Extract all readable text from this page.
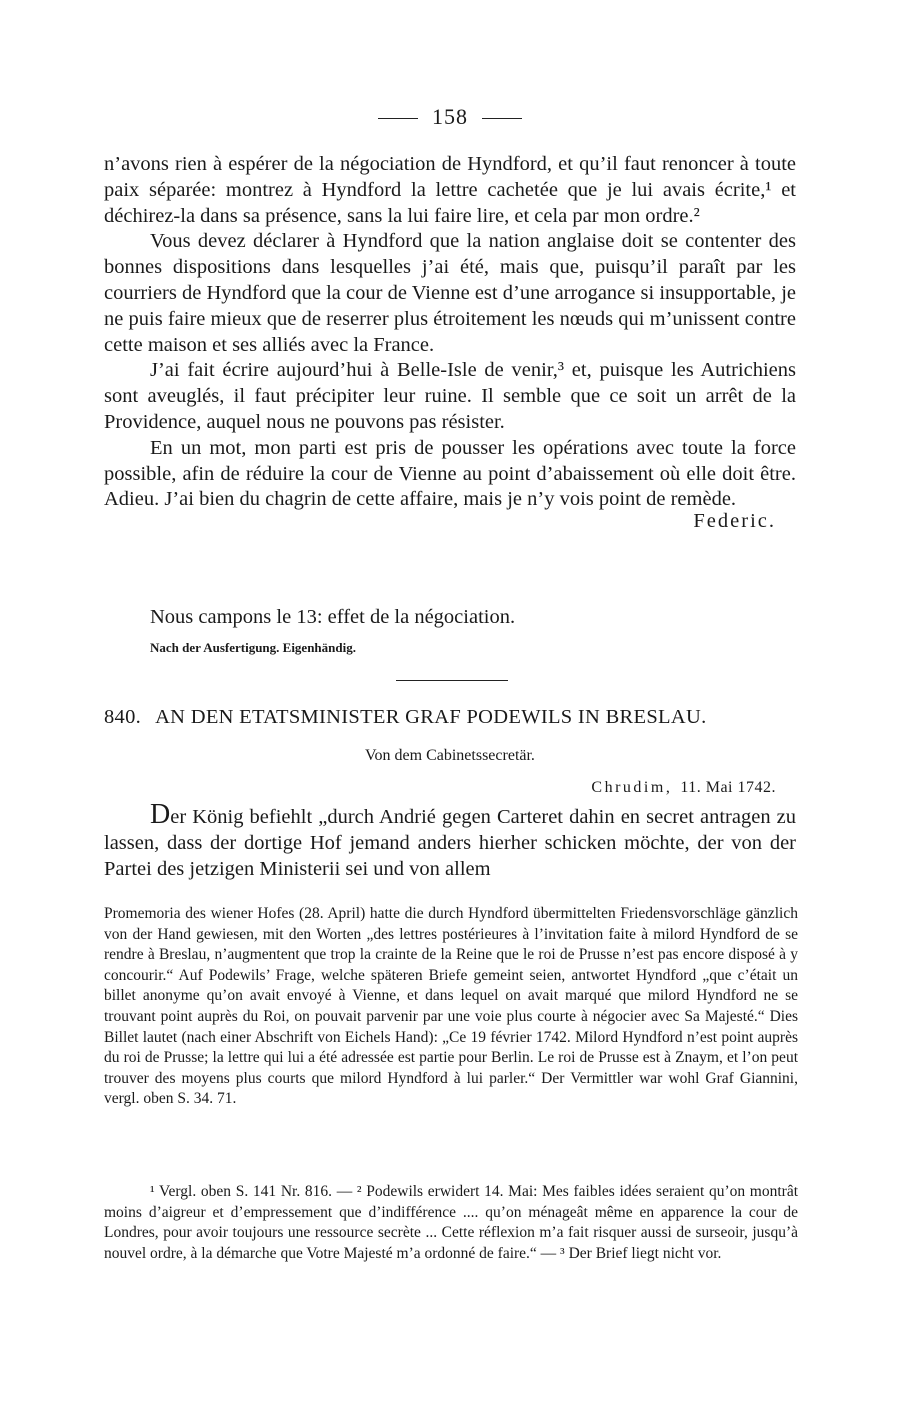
158

n’avons rien à espérer de la négociation de Hyndford, et qu’il faut renoncer à toute paix séparée: montrez à Hyndford la lettre cachetée que je lui avais écrite,¹ et déchirez-la dans sa présence, sans la lui faire lire, et cela par mon ordre.²

Vous devez déclarer à Hyndford que la nation anglaise doit se contenter des bonnes dispositions dans lesquelles j’ai été, mais que, puisqu’il paraît par les courriers de Hyndford que la cour de Vienne est d’une arrogance si insupportable, je ne puis faire mieux que de reserrer plus étroitement les nœuds qui m’unissent contre cette maison et ses alliés avec la France.

J’ai fait écrire aujourd’hui à Belle-Isle de venir,³ et, puisque les Autrichiens sont aveuglés, il faut précipiter leur ruine. Il semble que ce soit un arrêt de la Providence, auquel nous ne pouvons pas résister.

En un mot, mon parti est pris de pousser les opérations avec toute la force possible, afin de réduire la cour de Vienne au point d’abaissement où elle doit être. Adieu. J’ai bien du chagrin de cette affaire, mais je n’y vois point de remède.

Federic.

Nous campons le 13: effet de la négociation.
Nach der Ausfertigung. Eigenhändig.
840. AN DEN ETATSMINISTER GRAF PODEWILS IN BRESLAU.
Von dem Cabinetssecretär.
Chrudim, 11. Mai 1742.
Der König befiehlt „durch Andrié gegen Carteret dahin en secret antragen zu lassen, dass der dortige Hof jemand anders hierher schicken möchte, der von der Partei des jetzigen Ministerii sei und von allem

Promemoria des wiener Hofes (28. April) hatte die durch Hyndford übermittelten Friedensvorschläge gänzlich von der Hand gewiesen, mit den Worten „des lettres postérieures à l’invitation faite à milord Hyndford de se rendre à Breslau, n’augmentent que trop la crainte de la Reine que le roi de Prusse n’est pas encore disposé à y concourir.“ Auf Podewils’ Frage, welche späteren Briefe gemeint seien, antwortet Hyndford „que c’était un billet anonyme qu’on avait envoyé à Vienne, et dans lequel on avait marqué que milord Hyndford ne se trouvant point auprès du Roi, on pouvait parvenir par une voie plus courte à négocier avec Sa Majesté.“ Dies Billet lautet (nach einer Abschrift von Eichels Hand): „Ce 19 février 1742. Milord Hyndford n’est point auprès du roi de Prusse; la lettre qui lui a été adressée est partie pour Berlin. Le roi de Prusse est à Znaym, et l’on peut trouver des moyens plus courts que milord Hyndford à lui parler.“ Der Vermittler war wohl Graf Giannini, vergl. oben S. 34. 71.

¹ Vergl. oben S. 141 Nr. 816. — ² Podewils erwidert 14. Mai: Mes faibles idées seraient qu’on montrât moins d’aigreur et d’empressement que d’indifférence .... qu’on ménageât même en apparence la cour de Londres, pour avoir toujours une ressource secrète ... Cette réflexion m’a fait risquer aussi de surseoir, jusqu’à nouvel ordre, à la démarche que Votre Majesté m’a ordonné de faire.“ — ³ Der Brief liegt nicht vor.
